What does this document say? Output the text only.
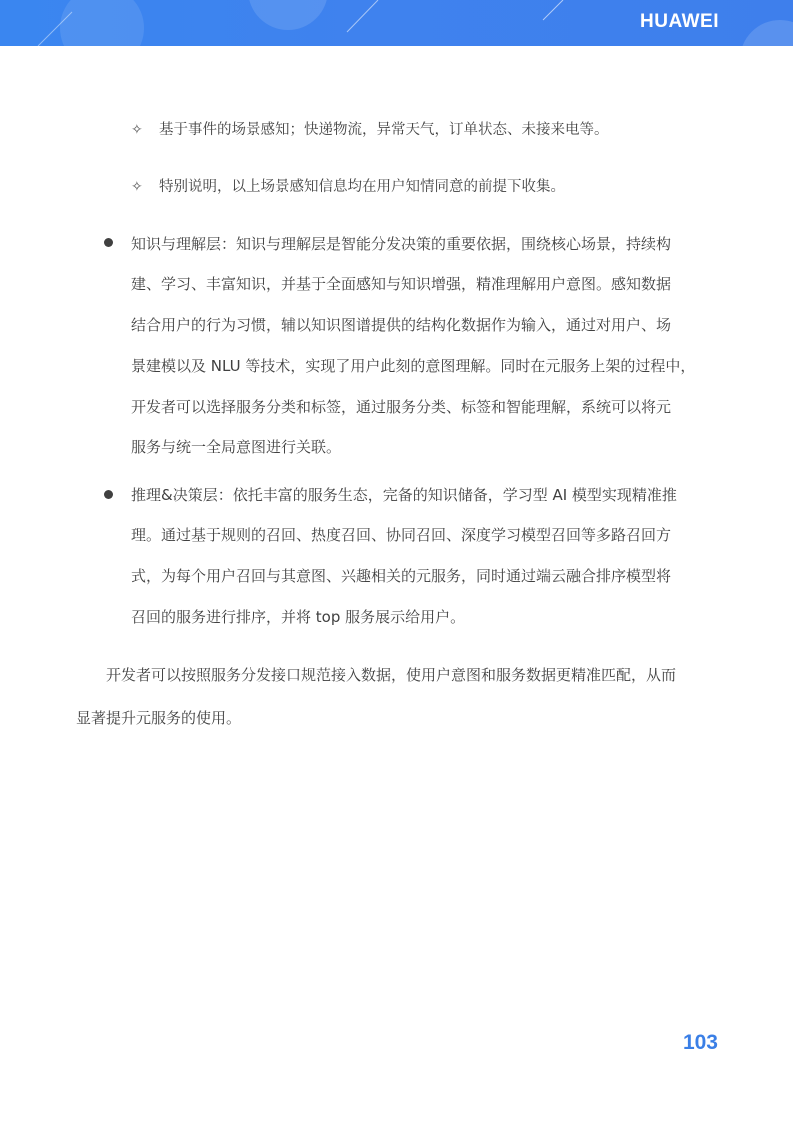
HUAWEI
✧ 基于事件的场景感知；快递物流，异常天气，订单状态、未接来电等。
✧ 特别说明，以上场景感知信息均在用户知情同意的前提下收集。
知识与理解层：知识与理解层是智能分发决策的重要依据，围绕核心场景，持续构
建、学习、丰富知识，并基于全面感知与知识增强，精准理解用户意图。感知数据
结合用户的行为习惯，辅以知识图谱提供的结构化数据作为输入，通过对用户、场
景建模以及 NLU 等技术，实现了用户此刻的意图理解。同时在元服务上架的过程中，
开发者可以选择服务分类和标签，通过服务分类、标签和智能理解，系统可以将元
服务与统一全局意图进行关联。
推理&决策层：依托丰富的服务生态，完备的知识储备，学习型 AI 模型实现精准推
理。通过基于规则的召回、热度召回、协同召回、深度学习模型召回等多路召回方
式，为每个用户召回与其意图、兴趣相关的元服务，同时通过端云融合排序模型将
召回的服务进行排序，并将 top 服务展示给用户。
开发者可以按照服务分发接口规范接入数据，使用户意图和服务数据更精准匹配，从而
显著提升元服务的使用。
103
